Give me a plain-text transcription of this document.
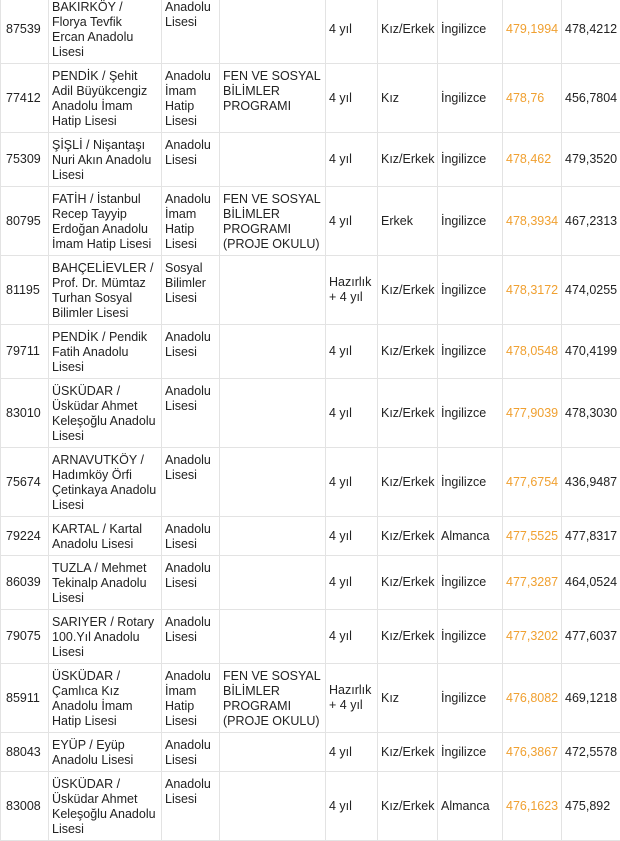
87539	BAKIRKÖY / Florya Tevfik Ercan Anadolu Lisesi	Anadolu Lisesi		4 yıl	Kız/Erkek	İngilizce	479,1994	478,4212
77412	PENDİK / Şehit Adil Büyükcengiz Anadolu İmam Hatip Lisesi	Anadolu İmam Hatip Lisesi	FEN VE SOSYAL BİLİMLER PROGRAMI	4 yıl	Kız	İngilizce	478,76	456,7804
75309	ŞİŞLİ / Nişantaşı Nuri Akın Anadolu Lisesi	Anadolu Lisesi		4 yıl	Kız/Erkek	İngilizce	478,462	479,3520
80795	FATİH / İstanbul Recep Tayyip Erdoğan Anadolu İmam Hatip Lisesi	Anadolu İmam Hatip Lisesi	FEN VE SOSYAL BİLİMLER PROGRAMI (PROJE OKULU)	4 yıl	Erkek	İngilizce	478,3934	467,2313
81195	BAHÇELİEVLER / Prof. Dr. Mümtaz Turhan Sosyal Bilimler Lisesi	Sosyal Bilimler Lisesi		Hazırlık + 4 yıl	Kız/Erkek	İngilizce	478,3172	474,0255
79711	PENDİK / Pendik Fatih Anadolu Lisesi	Anadolu Lisesi		4 yıl	Kız/Erkek	İngilizce	478,0548	470,4199
83010	ÜSKÜDAR / Üsküdar Ahmet Keleşoğlu Anadolu Lisesi	Anadolu Lisesi		4 yıl	Kız/Erkek	İngilizce	477,9039	478,3030
75674	ARNAVUTKÖY / Hadımköy Örfi Çetinkaya Anadolu Lisesi	Anadolu Lisesi		4 yıl	Kız/Erkek	İngilizce	477,6754	436,9487
79224	KARTAL / Kartal Anadolu Lisesi	Anadolu Lisesi		4 yıl	Kız/Erkek	Almanca	477,5525	477,8317
86039	TUZLA / Mehmet Tekinalp Anadolu Lisesi	Anadolu Lisesi		4 yıl	Kız/Erkek	İngilizce	477,3287	464,0524
79075	SARIYER / Rotary 100.Yıl Anadolu Lisesi	Anadolu Lisesi		4 yıl	Kız/Erkek	İngilizce	477,3202	477,6037
85911	ÜSKÜDAR / Çamlıca Kız Anadolu İmam Hatip Lisesi	Anadolu İmam Hatip Lisesi	FEN VE SOSYAL BİLİMLER PROGRAMI (PROJE OKULU)	Hazırlık + 4 yıl	Kız	İngilizce	476,8082	469,1218
88043	EYÜP / Eyüp Anadolu Lisesi	Anadolu Lisesi		4 yıl	Kız/Erkek	İngilizce	476,3867	472,5578
83008	ÜSKÜDAR / Üsküdar Ahmet Keleşoğlu Anadolu Lisesi	Anadolu Lisesi		4 yıl	Kız/Erkek	Almanca	476,1623	475,892
